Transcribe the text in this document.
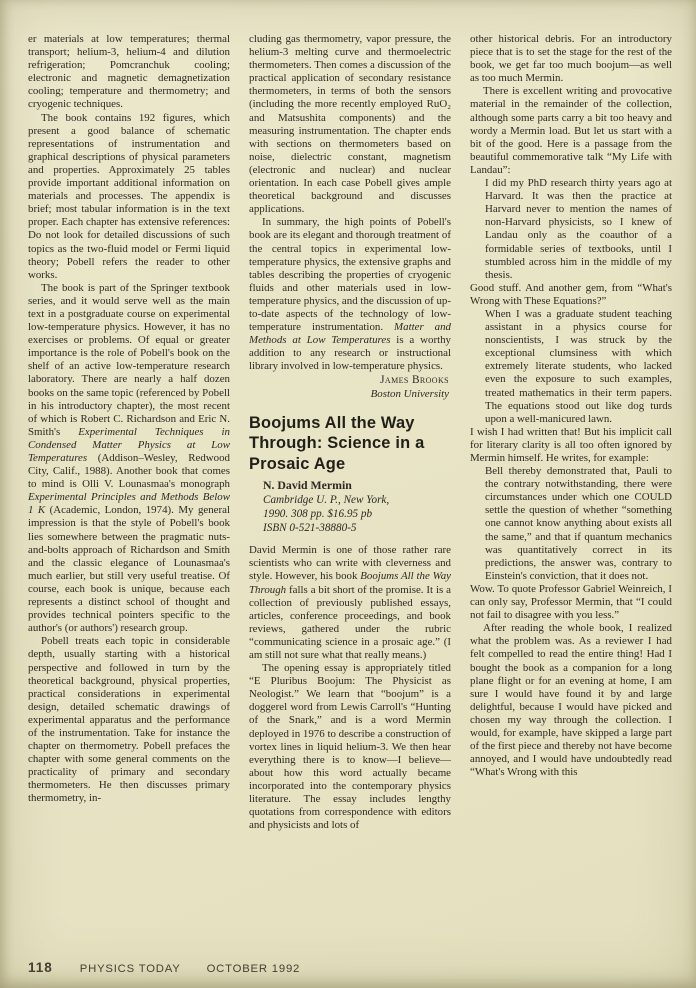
er materials at low temperatures; thermal transport; helium-3, helium-4 and dilution refrigeration; Pomcranchuk cooling; electronic and magnetic demagnetization cooling; temperature and thermometry; and cryogenic techniques.

The book contains 192 figures, which present a good balance of schematic representations of instrumentation and graphical descriptions of physical parameters and properties. Approximately 25 tables provide important additional information on materials and processes. The appendix is brief; most tabular information is in the text proper. Each chapter has extensive references: Do not look for detailed discussions of such topics as the two-fluid model or Fermi liquid theory; Pobell refers the reader to other works.

The book is part of the Springer textbook series, and it would serve well as the main text in a postgraduate course on experimental low-temperature physics. However, it has no exercises or problems. Of equal or greater importance is the role of Pobell's book on the shelf of an active low-temperature research laboratory. There are nearly a half dozen books on the same topic (referenced by Pobell in his introductory chapter), the most recent of which is Robert C. Richardson and Eric N. Smith's Experimental Techniques in Condensed Matter Physics at Low Temperatures (Addison–Wesley, Redwood City, Calif., 1988). Another book that comes to mind is Olli V. Lounasmaa's monograph Experimental Principles and Methods Below 1 K (Academic, London, 1974). My general impression is that the style of Pobell's book lies somewhere between the pragmatic nuts-and-bolts approach of Richardson and Smith and the classic elegance of Lounasmaa's much earlier, but still very useful treatise. Of course, each book is unique, because each represents a distinct school of thought and provides technical pointers specific to the author's (or authors') research group.

Pobell treats each topic in considerable depth, usually starting with a historical perspective and followed in turn by the theoretical background, physical properties, practical considerations in experimental design, detailed schematic drawings of experimental apparatus and the performance of the instrumentation. Take for instance the chapter on thermometry. Pobell prefaces the chapter with some general comments on the practicality of primary and secondary thermometers. He then discusses primary thermometry, in-

cluding gas thermometry, vapor pressure, the helium-3 melting curve and thermoelectric thermometers. Then comes a discussion of the practical application of secondary resistance thermometers, in terms of both the sensors (including the more recently employed RuO₂ and Matsushita components) and the measuring instrumentation. The chapter ends with sections on thermometers based on noise, dielectric constant, magnetism (electronic and nuclear) and nuclear orientation. In each case Pobell gives ample theoretical background and discusses applications.

In summary, the high points of Pobell's book are its elegant and thorough treatment of the central topics in experimental low-temperature physics, the extensive graphs and tables describing the properties of cryogenic fluids and other materials used in low-temperature physics, and the discussion of up-to-date aspects of the technology of low-temperature instrumentation. Matter and Methods at Low Temperatures is a worthy addition to any research or instructional library involved in low-temperature physics.

James Brooks
Boston University
Boojums All the Way Through: Science in a Prosaic Age
N. David Mermin
Cambridge U. P., New York,
1990. 308 pp. $16.95 pb
ISBN 0-521-38880-5

David Mermin is one of those rather rare scientists who can write with cleverness and style. However, his book Boojums All the Way Through falls a bit short of the promise. It is a collection of previously published essays, articles, conference proceedings, and book reviews, gathered under the rubric “communicating science in a prosaic age.” (I am still not sure what that really means.)

The opening essay is appropriately titled “E Pluribus Boojum: The Physicist as Neologist.” We learn that “boojum” is a doggerel word from Lewis Carroll's “Hunting of the Snark,” and is a word Mermin deployed in 1976 to describe a construction of vortex lines in liquid helium-3. We then hear everything there is to know—I believe—about how this word actually became incorporated into the contemporary physics literature. The essay includes lengthy quotations from correspondence with editors and physicists and lots of

other historical debris. For an introductory piece that is to set the stage for the rest of the book, we get far too much boojum—as well as too much Mermin.

There is excellent writing and provocative material in the remainder of the collection, although some parts carry a bit too heavy and wordy a Mermin load. But let us start with a bit of the good. Here is a passage from the beautiful commemorative talk “My Life with Landau”:

I did my PhD research thirty years ago at Harvard. It was then the practice at Harvard never to mention the names of non-Harvard physicists, so I knew of Landau only as the coauthor of a formidable series of textbooks, until I stumbled across him in the middle of my thesis.

Good stuff. And another gem, from “What's Wrong with These Equations?”

When I was a graduate student teaching assistant in a physics course for nonscientists, I was struck by the exceptional clumsiness with which extremely literate students, who lacked even the exposure to such examples, treated mathematics in their term papers. The equations stood out like dog turds upon a well-manicured lawn.

I wish I had written that! But his implicit call for literary clarity is all too often ignored by Mermin himself. He writes, for example:

Bell thereby demonstrated that, Pauli to the contrary notwithstanding, there were circumstances under which one COULD settle the question of whether “something one cannot know anything about exists all the same,” and that if quantum mechanics was quantitatively correct in its predictions, the answer was, contrary to Einstein's conviction, that it does not.

Wow. To quote Professor Gabriel Weinreich, I can only say, Professor Mermin, that “I could not fail to disagree with you less.”

After reading the whole book, I realized what the problem was. As a reviewer I had felt compelled to read the entire thing! Had I bought the book as a companion for a long plane flight or for an evening at home, I am sure I would have found it by and large delightful, because I would have picked and chosen my way through the collection. I would, for example, have skipped a large part of the first piece and thereby not have become annoyed, and I would have undoubtedly read “What's Wrong with this

118 PHYSICS TODAY OCTOBER 1992
